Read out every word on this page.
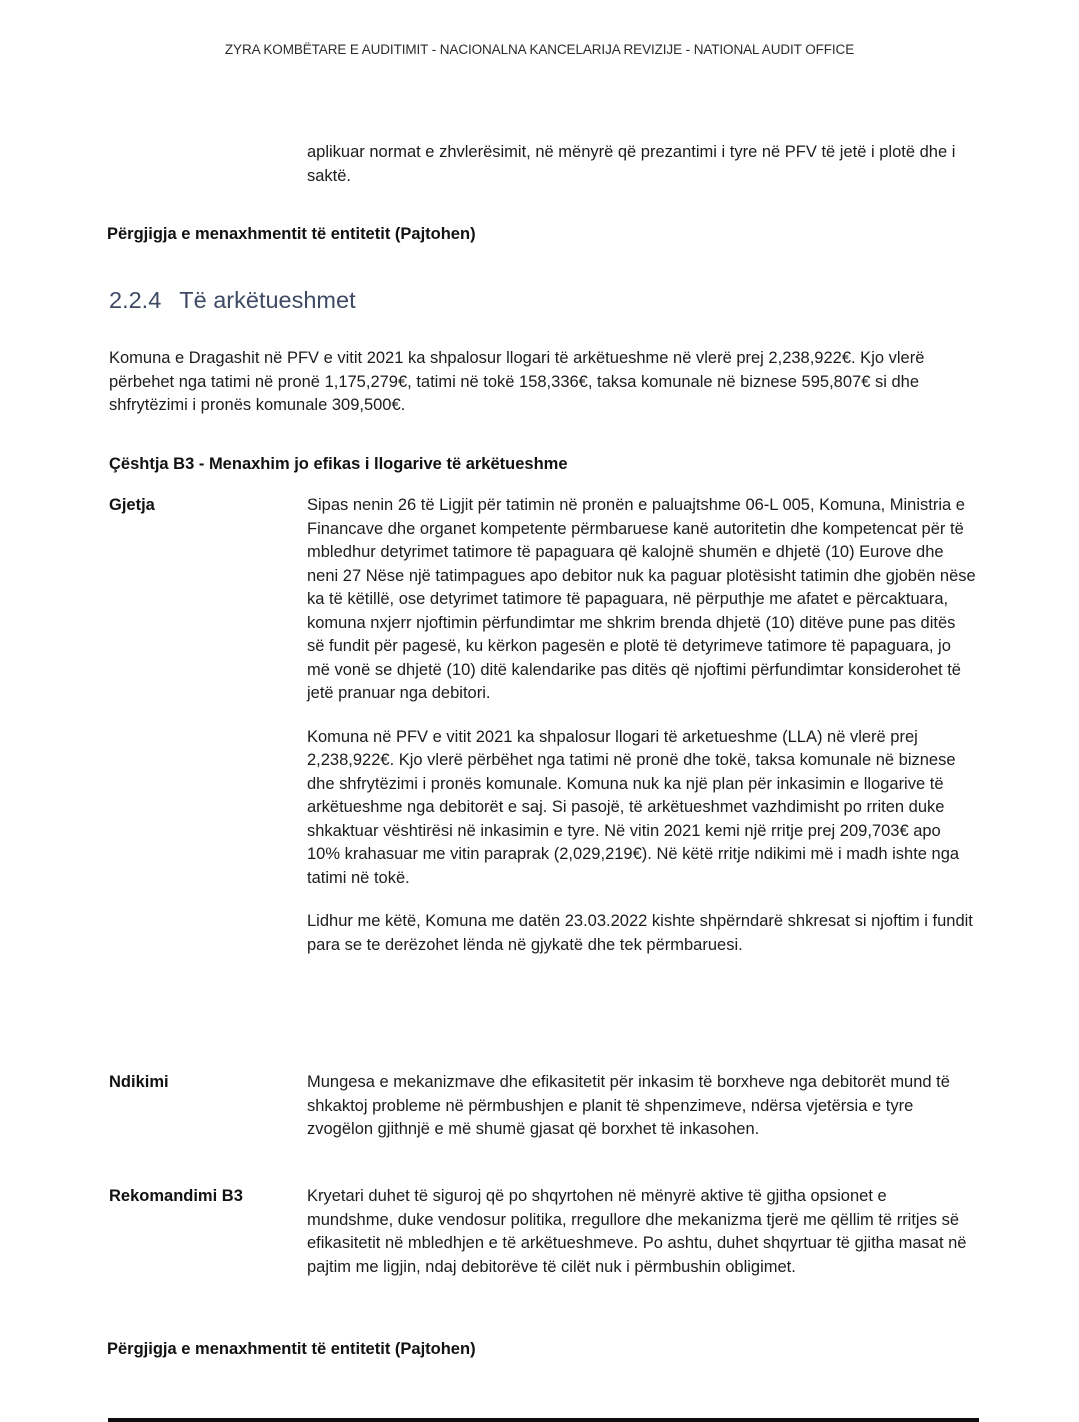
ZYRA KOMBËTARE E AUDITIMIT - NACIONALNA KANCELARIJA REVIZIJE - NATIONAL AUDIT OFFICE
aplikuar normat e zhvlerësimit, në mënyrë që prezantimi i tyre në PFV të jetë i plotë dhe i saktë.
Përgjigja e menaxhmentit të entitetit (Pajtohen)
2.2.4 Të arkëtueshmet
Komuna e Dragashit në PFV e vitit 2021 ka shpalosur llogari të arkëtueshme në vlerë prej 2,238,922€. Kjo vlerë përbehet nga tatimi në pronë 1,175,279€, tatimi në tokë 158,336€, taksa komunale në biznese 595,807€ si dhe shfrytëzimi i pronës komunale 309,500€.
Çështja B3 - Menaxhim jo efikas i llogarive të arkëtueshme
Gjetja	Sipas nenin 26 të Ligjit për tatimin në pronën e paluajtshme 06-L 005, Komuna, Ministria e Financave dhe organet kompetente përmbaruese kanë autoritetin dhe kompetencat për të mbledhur detyrimet tatimore të papaguara që kalojnë shumën e dhjetë (10) Eurove dhe neni 27 Nëse një tatimpagues apo debitor nuk ka paguar plotësisht tatimin dhe gjobën nëse ka të këtillë, ose detyrimet tatimore të papaguara, në përputhje me afatet e përcaktuara, komuna nxjerr njoftimin përfundimtar me shkrim brenda dhjetë (10) ditëve pune pas ditës së fundit për pagesë, ku kërkon pagesën e plotë të detyrimeve tatimore të papaguara, jo më vonë se dhjetë (10) ditë kalendarike pas ditës që njoftimi përfundimtar konsiderohet të jetë pranuar nga debitori.

Komuna në PFV e vitit 2021 ka shpalosur llogari të arketueshme (LLA) në vlerë prej 2,238,922€. Kjo vlerë përbëhet nga tatimi në pronë dhe tokë, taksa komunale në biznese dhe shfrytëzimi i pronës komunale. Komuna nuk ka një plan për inkasimin e llogarive të arkëtueshme nga debitorët e saj. Si pasojë, të arkëtueshmet vazhdimisht po rriten duke shkaktuar vështirësi në inkasimin e tyre. Në vitin 2021 kemi një rritje prej 209,703€ apo 10% krahasuar me vitin paraprak (2,029,219€). Në këtë rritje ndikimi më i madh ishte nga tatimi në tokë.

Lidhur me këtë, Komuna me datën 23.03.2022 kishte shpërndarë shkresat si njoftim i fundit para se te derëzohet lënda në gjykatë dhe tek përmbaruesi.

Ndikimi	Mungesa e mekanizmave dhe efikasitetit për inkasim të borxheve nga debitorët mund të shkaktoj probleme në përmbushjen e planit të shpenzimeve, ndërsa vjetërsia e tyre zvogëlon gjithnjë e më shumë gjasat që borxhet të inkasohen.
Rekomandimi B3	Kryetari duhet të siguroj që po shqyrtohen në mënyrë aktive të gjitha opsionet e mundshme, duke vendosur politika, rregullore dhe mekanizma tjerë me qëllim të rritjes së efikasitetit në mbledhjen e të arkëtueshmeve. Po ashtu, duhet shqyrtuar të gjitha masat në pajtim me ligjin, ndaj debitorëve të cilët nuk i përmbushin obligimet.
Përgjigja e menaxhmentit të entitetit (Pajtohen)
